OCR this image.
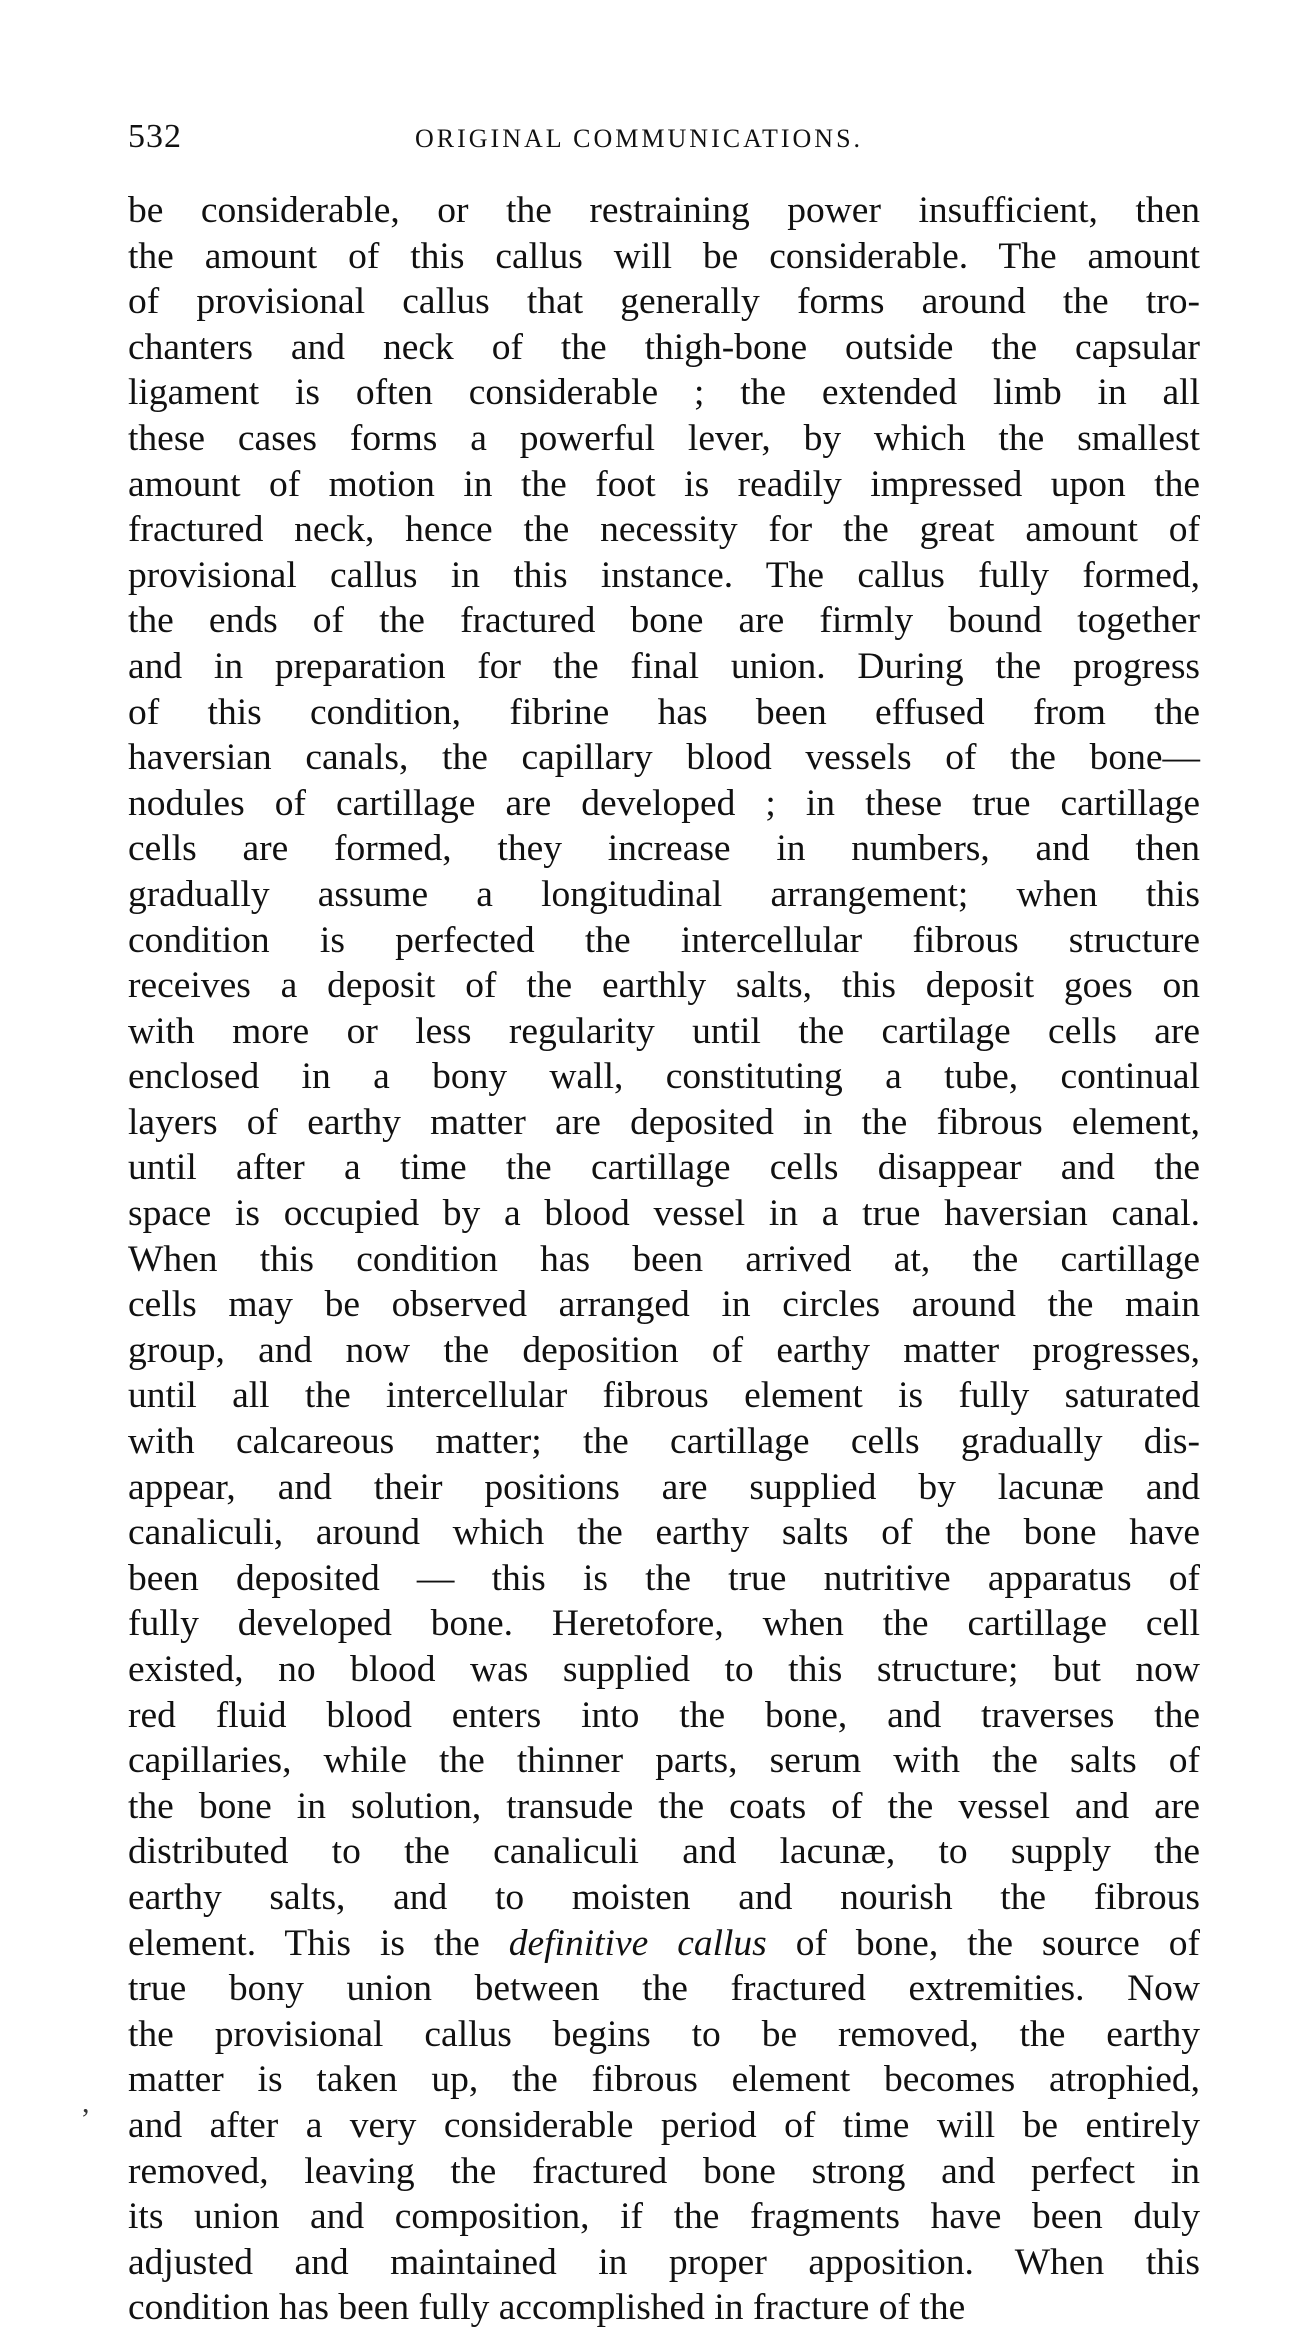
532	ORIGINAL COMMUNICATIONS.
be considerable, or the restraining power insufficient, then
the amount of this callus will be considerable. The amount
of provisional callus that generally forms around the tro-
chanters and neck of the thigh-bone outside the capsular
ligament is often considerable ; the extended limb in all
these cases forms a powerful lever, by which the smallest
amount of motion in the foot is readily impressed upon the
fractured neck, hence the necessity for the great amount of
provisional callus in this instance. The callus fully formed,
the ends of the fractured bone are firmly bound together
and in preparation for the final union. During the progress
of this condition, fibrine has been effused from the
haversian canals, the capillary blood vessels of the bone—
nodules of cartillage are developed ; in these true cartillage
cells are formed, they increase in numbers, and then
gradually assume a longitudinal arrangement; when this
condition is perfected the intercellular fibrous structure
receives a deposit of the earthly salts, this deposit goes on
with more or less regularity until the cartilage cells are
enclosed in a bony wall, constituting a tube, continual
layers of earthy matter are deposited in the fibrous element,
until after a time the cartillage cells disappear and the
space is occupied by a blood vessel in a true haversian canal.
When this condition has been arrived at, the cartillage
cells may be observed arranged in circles around the main
group, and now the deposition of earthy matter progresses,
until all the intercellular fibrous element is fully saturated
with calcareous matter; the cartillage cells gradually dis-
appear, and their positions are supplied by lacunæ and
canaliculi, around which the earthy salts of the bone have
been deposited — this is the true nutritive apparatus of
fully developed bone. Heretofore, when the cartillage cell
existed, no blood was supplied to this structure; but now
red fluid blood enters into the bone, and traverses the
capillaries, while the thinner parts, serum with the salts of
the bone in solution, transude the coats of the vessel and are
distributed to the canaliculi and lacunæ, to supply the
earthy salts, and to moisten and nourish the fibrous
element. This is the definitive callus of bone, the source of
true bony union between the fractured extremities. Now
the provisional callus begins to be removed, the earthy
matter is taken up, the fibrous element becomes atrophied,
and after a very considerable period of time will be entirely
removed, leaving the fractured bone strong and perfect in
its union and composition, if the fragments have been duly
adjusted and maintained in proper apposition. When this
condition has been fully accomplished in fracture of the
,
